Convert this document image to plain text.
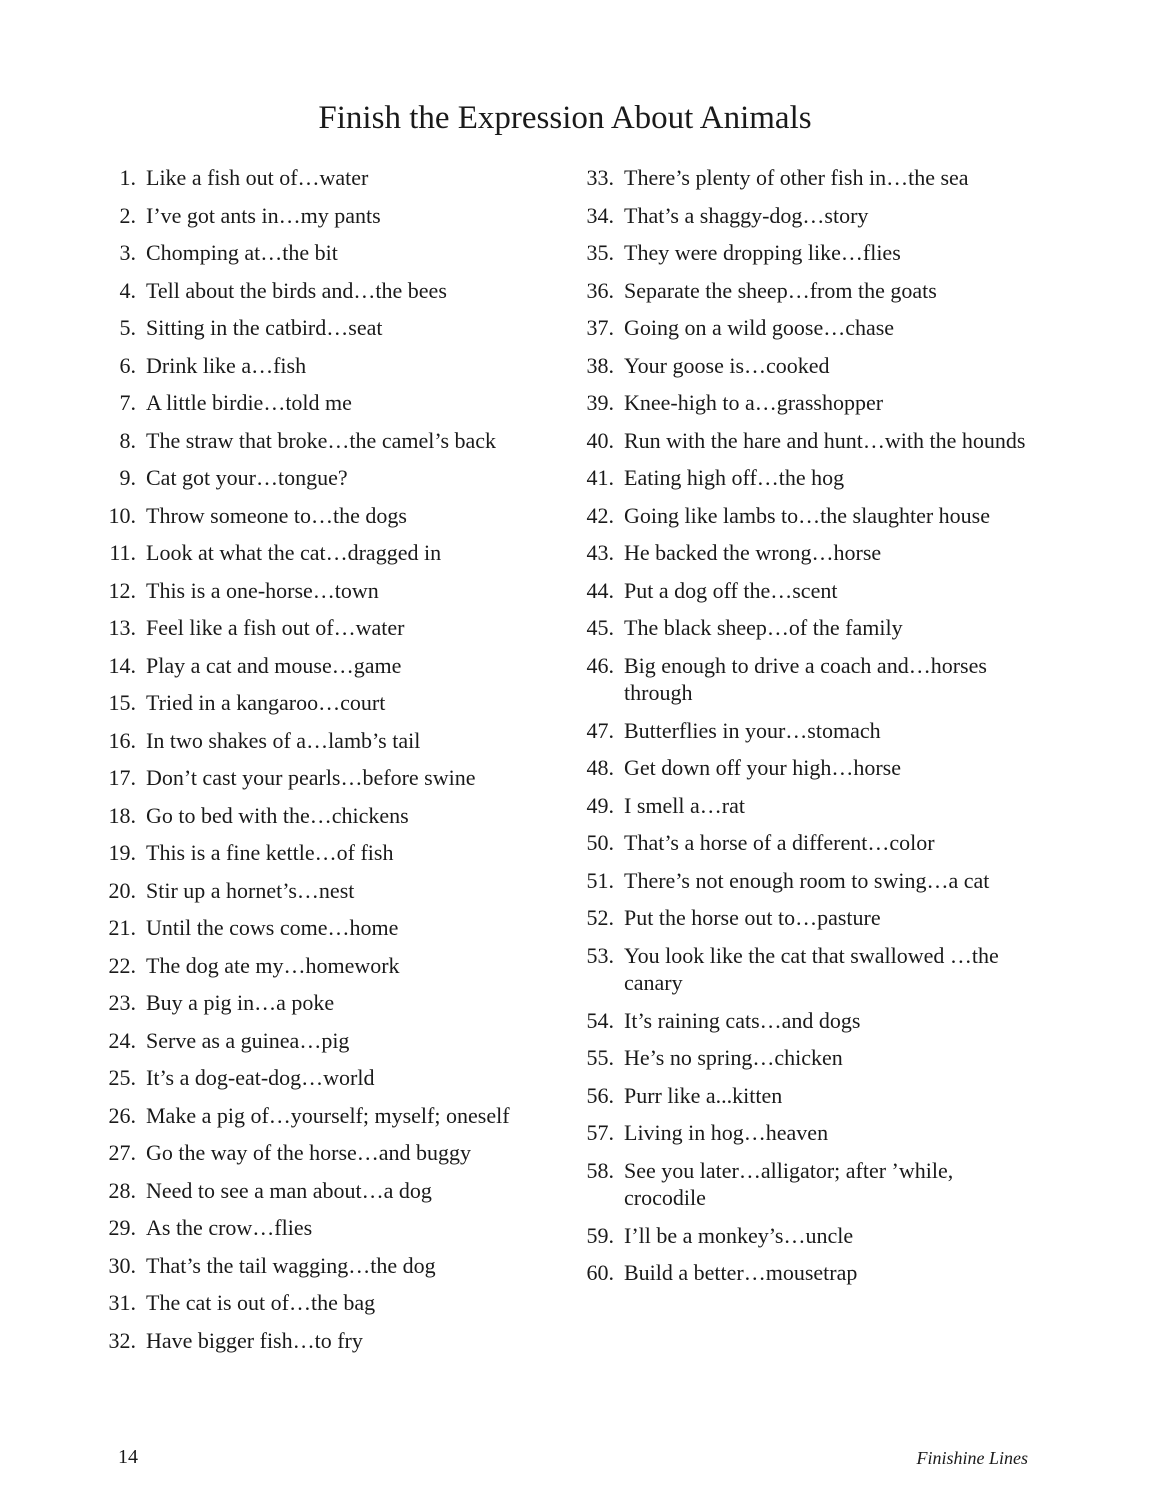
Finish the Expression About Animals
1. Like a fish out of…water
2. I’ve got ants in…my pants
3. Chomping at…the bit
4. Tell about the birds and…the bees
5. Sitting in the catbird…seat
6. Drink like a…fish
7. A little birdie…told me
8. The straw that broke…the camel’s back
9. Cat got your…tongue?
10. Throw someone to…the dogs
11. Look at what the cat…dragged in
12. This is a one-horse…town
13. Feel like a fish out of…water
14. Play a cat and mouse…game
15. Tried in a kangaroo…court
16. In two shakes of a…lamb’s tail
17. Don’t cast your pearls…before swine
18. Go to bed with the…chickens
19. This is a fine kettle…of fish
20. Stir up a hornet’s…nest
21. Until the cows come…home
22. The dog ate my…homework
23. Buy a pig in…a poke
24. Serve as a guinea…pig
25. It’s a dog-eat-dog…world
26. Make a pig of…yourself; myself; oneself
27. Go the way of the horse…and buggy
28. Need to see a man about…a dog
29. As the crow…flies
30. That’s the tail wagging…the dog
31. The cat is out of…the bag
32. Have bigger fish…to fry
33. There’s plenty of other fish in…the sea
34. That’s a shaggy-dog…story
35. They were dropping like…flies
36. Separate the sheep…from the goats
37. Going on a wild goose…chase
38. Your goose is…cooked
39. Knee-high to a…grasshopper
40. Run with the hare and hunt…with the hounds
41. Eating high off…the hog
42. Going like lambs to…the slaughter house
43. He backed the wrong…horse
44. Put a dog off the…scent
45. The black sheep…of the family
46. Big enough to drive a coach and…horses through
47. Butterflies in your…stomach
48. Get down off your high…horse
49. I smell a…rat
50. That’s a horse of a different…color
51. There’s not enough room to swing…a cat
52. Put the horse out to…pasture
53. You look like the cat that swallowed …the canary
54. It’s raining cats…and dogs
55. He’s no spring…chicken
56. Purr like a...kitten
57. Living in hog…heaven
58. See you later…alligator; after ’while, crocodile
59. I’ll be a monkey’s…uncle
60. Build a better…mousetrap
14	Finishine Lines
